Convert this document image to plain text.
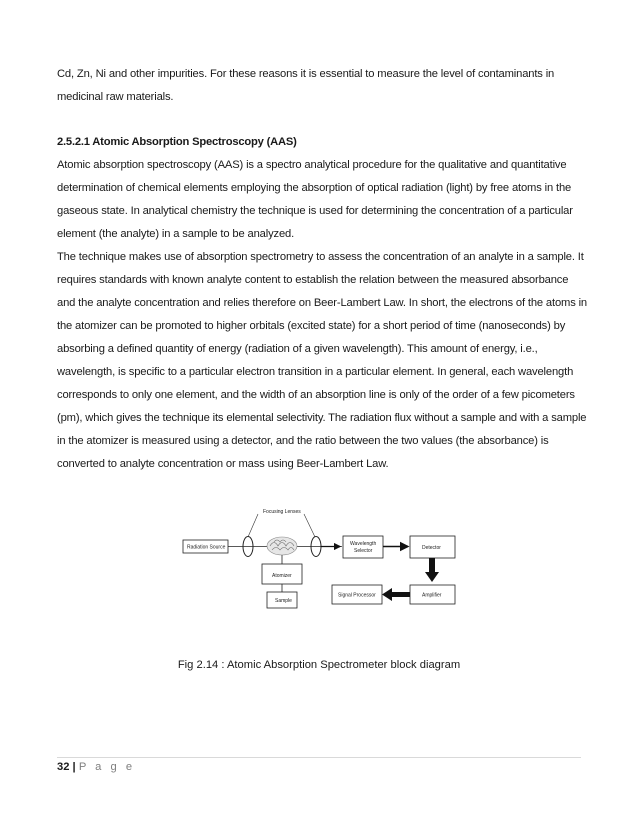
Cd, Zn, Ni and other impurities. For these reasons it is essential to measure the level of contaminants in medicinal raw materials.

2.5.2.1 Atomic Absorption Spectroscopy (AAS)

Atomic absorption spectroscopy (AAS) is a spectro analytical procedure for the qualitative and quantitative determination of chemical elements employing the absorption of optical radiation (light) by free atoms in the gaseous state. In analytical chemistry the technique is used for determining the concentration of a particular element (the analyte) in a sample to be analyzed.

The technique makes use of absorption spectrometry to assess the concentration of an analyte in a sample. It requires standards with known analyte content to establish the relation between the measured absorbance and the analyte concentration and relies therefore on Beer-Lambert Law. In short, the electrons of the atoms in the atomizer can be promoted to higher orbitals (excited state) for a short period of time (nanoseconds) by absorbing a defined quantity of energy (radiation of a given wavelength). This amount of energy, i.e., wavelength, is specific to a particular electron transition in a particular element. In general, each wavelength corresponds to only one element, and the width of an absorption line is only of the order of a few picometers (pm), which gives the technique its elemental selectivity. The radiation flux without a sample and with a sample in the atomizer is measured using a detector, and the ratio between the two values (the absorbance) is converted to analyte concentration or mass using Beer-Lambert Law.

Focusing Lenses
Radiation Source
Wavelength
Selector	Detector
Amplifier
Signal Processor
Atomizer
Sample
Fig 2.14 : Atomic Absorption Spectrometer block diagram
32 | P a g e
